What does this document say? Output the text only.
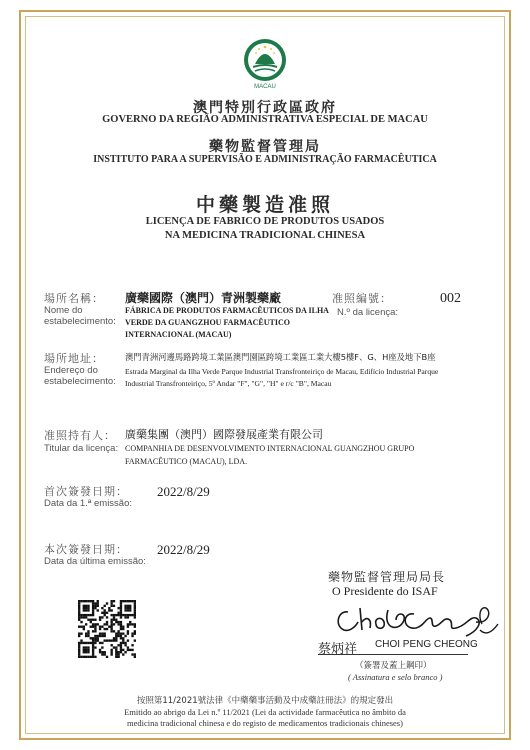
MACAU
澳門特別行政區政府
GOVERNO DA REGIÃO ADMINISTRATIVA ESPECIAL DE MACAU
藥物監督管理局
INSTITUTO PARA A SUPERVISÃO E ADMINISTRAÇÃO FARMACÊUTICA
中藥製造准照
LICENÇA DE FABRICO DE PRODUTOS USADOS
NA MEDICINA TRADICIONAL CHINESA
場所名稱：
Nome do
estabelecimento:
廣藥國際（澳門）青洲製藥廠
FÁBRICA DE PRODUTOS FARMACÊUTICOS DA ILHA
VERDE DA GUANGZHOU FARMACÊUTICO
INTERNACIONAL (MACAU)
准照編號：
N.º da licença:
002
場所地址：
Endereço do
estabelecimento:
澳門青洲河邊馬路跨境工業區澳門園區跨境工業區工業大樓5樓F、G、H座及地下B座
Estrada Marginal da Ilha Verde Parque Industrial Transfronteiriço de Macau, Edifício Industrial Parque
Industrial Transfronteiriço, 5º Andar "F", "G", "H" e r/c "B", Macau
准照持有人：
Titular da licença:
廣藥集團（澳門）國際發展產業有限公司
COMPANHIA DE DESENVOLVIMENTO INTERNACIONAL GUANGZHOU GRUPO
FARMACÊUTICO (MACAU), LDA.
首次簽發日期：
Data da 1.ª emissão:
2022/8/29
本次簽發日期：
Data da última emissão:
2022/8/29
藥物監督管理局局長
O Presidente do ISAF
蔡炳祥 CHOI PENG CHEONG
（簽署及蓋上鋼印）
( Assinatura e selo branco )
按照第11/2021號法律《中藥藥事活動及中成藥註冊法》的規定發出
Emitido ao abrigo da Lei n.º 11/2021 (Lei da actividade farmacêutica no âmbito da
medicina tradicional chinesa e do registo de medicamentos tradicionais chineses)
